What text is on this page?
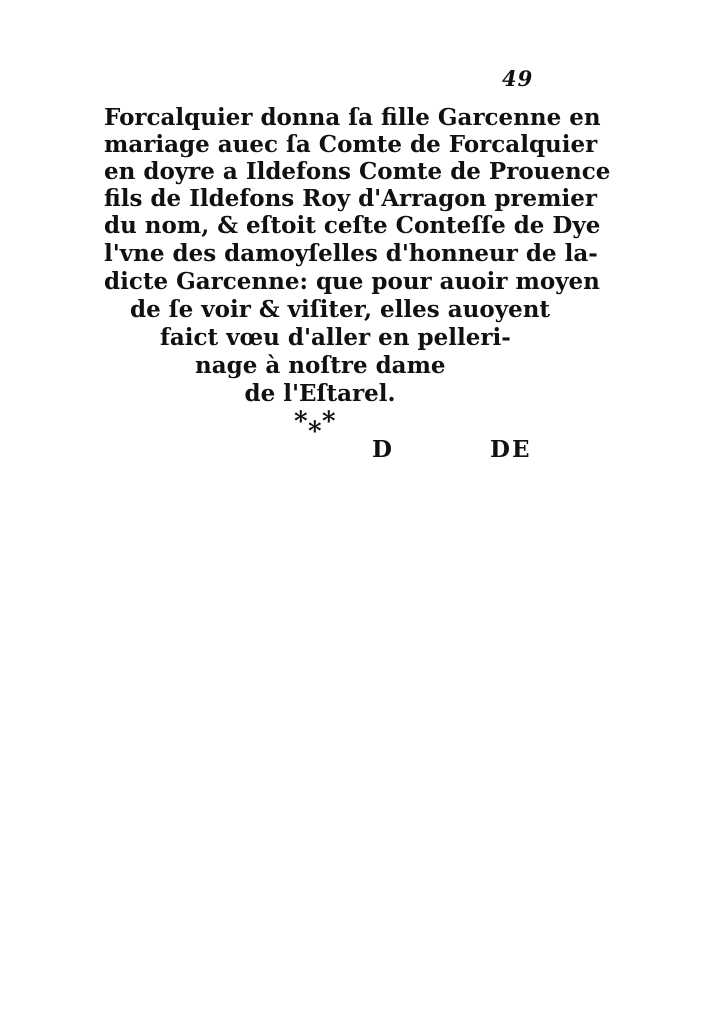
49
Forcalquier donna ſa fille Garcenne en
mariage auec ſa Comte de Forcalquier
en doyre a Ildefons Comte de Prouence
fils de Ildefons Roy d'Arragon premier
du nom, & eſtoit ceſte Conteſſe de Dye
l'vne des damoyſelles d'honneur de la-
dicte Garcenne: que pour auoir moyen
de ſe voir & viſiter, elles auoyent
faict vœu d'aller en pelleri-
nage à noſtre dame
de l'Eſtarel.
* * *
D	DE
